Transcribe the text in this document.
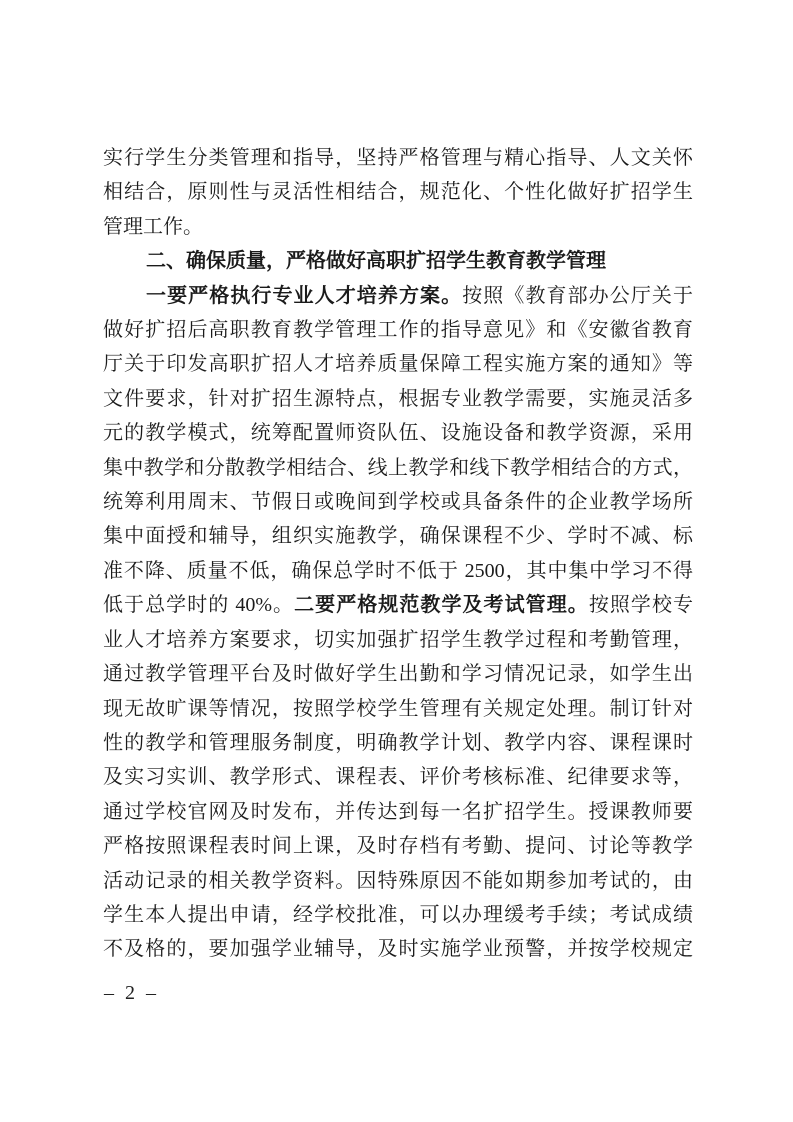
实行学生分类管理和指导，坚持严格管理与精心指导、人文关怀
相结合，原则性与灵活性相结合，规范化、个性化做好扩招学生
管理工作。
二、确保质量，严格做好高职扩招学生教育教学管理
一要严格执行专业人才培养方案。按照《教育部办公厅关于
做好扩招后高职教育教学管理工作的指导意见》和《安徽省教育
厅关于印发高职扩招人才培养质量保障工程实施方案的通知》等
文件要求，针对扩招生源特点，根据专业教学需要，实施灵活多
元的教学模式，统筹配置师资队伍、设施设备和教学资源，采用
集中教学和分散教学相结合、线上教学和线下教学相结合的方式，
统筹利用周末、节假日或晚间到学校或具备条件的企业教学场所
集中面授和辅导，组织实施教学，确保课程不少、学时不减、标
准不降、质量不低，确保总学时不低于 2500，其中集中学习不得
低于总学时的 40%。二要严格规范教学及考试管理。按照学校专
业人才培养方案要求，切实加强扩招学生教学过程和考勤管理，
通过教学管理平台及时做好学生出勤和学习情况记录，如学生出
现无故旷课等情况，按照学校学生管理有关规定处理。制订针对
性的教学和管理服务制度，明确教学计划、教学内容、课程课时
及实习实训、教学形式、课程表、评价考核标准、纪律要求等，
通过学校官网及时发布，并传达到每一名扩招学生。授课教师要
严格按照课程表时间上课，及时存档有考勤、提问、讨论等教学
活动记录的相关教学资料。因特殊原因不能如期参加考试的，由
学生本人提出申请，经学校批准，可以办理缓考手续；考试成绩
不及格的，要加强学业辅导，及时实施学业预警，并按学校规定
– 2 –
